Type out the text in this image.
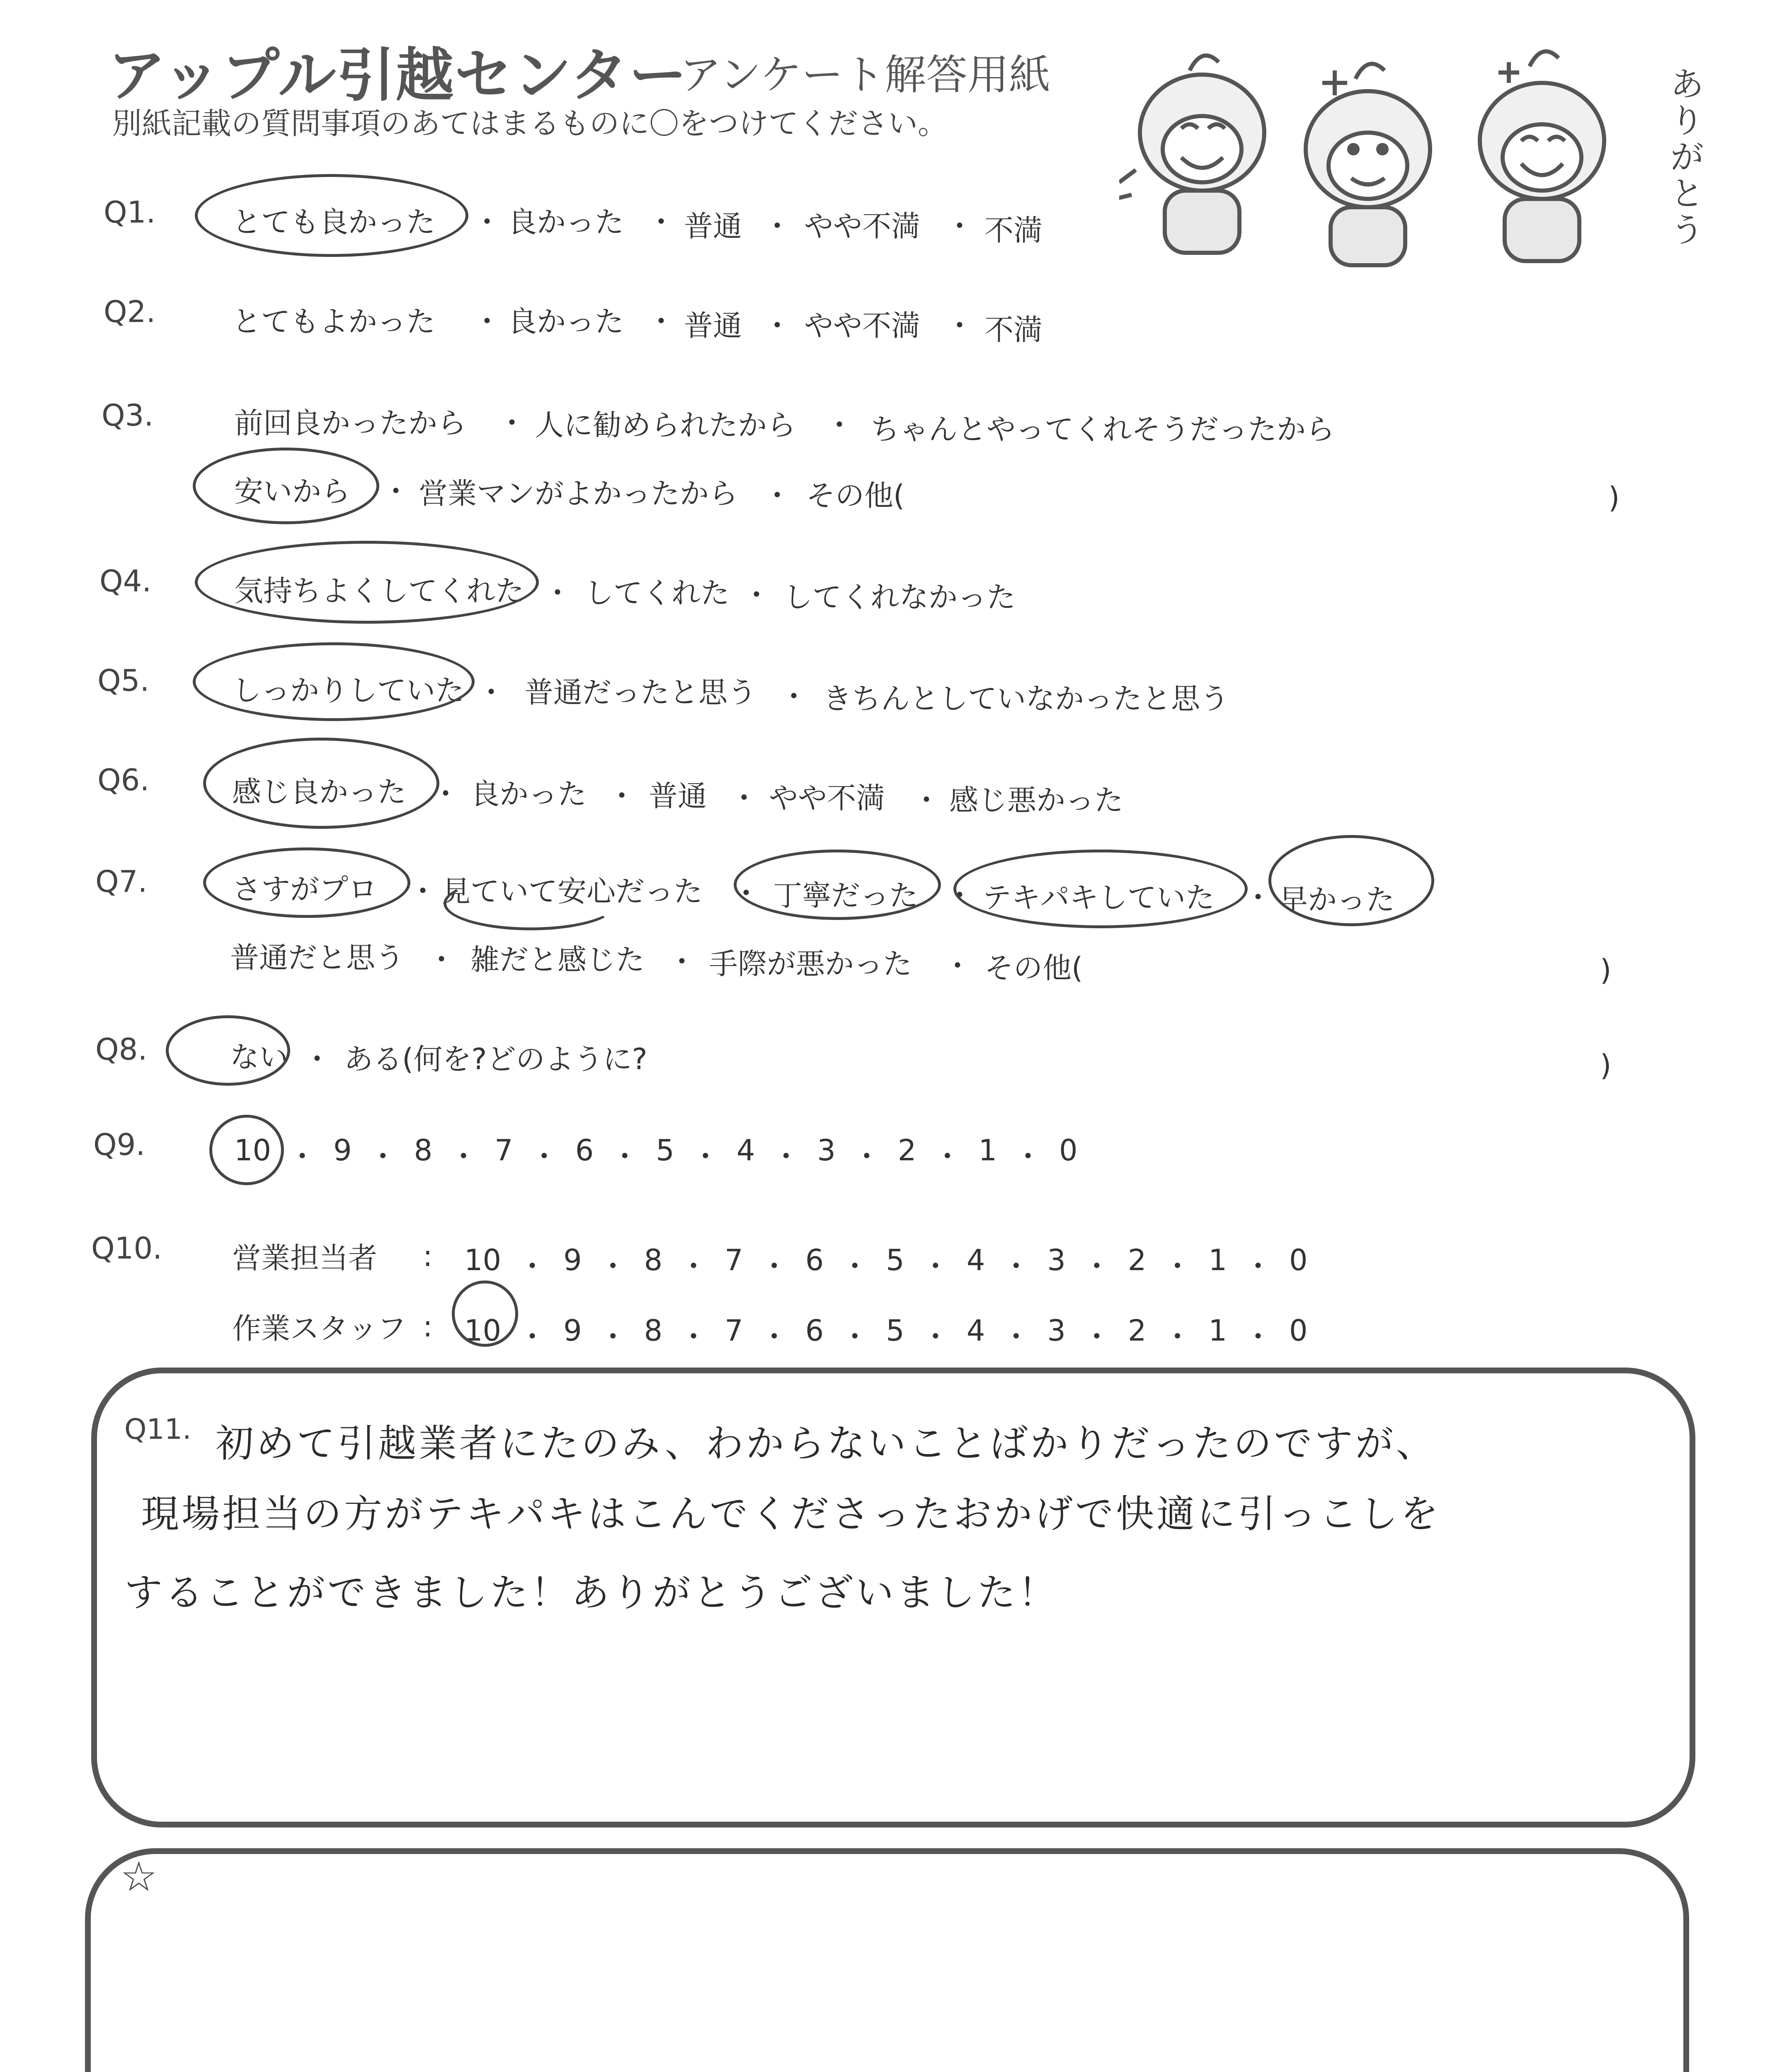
アップル引越センター
アンケート解答用紙
別紙記載の質問事項のあてはまるものに〇をつけてください。
ありがとう
Q1.	とても良かった ・ 良かった ・ 普通 ・ やや不満 ・ 不満
Q2.	とてもよかった ・ 良かった ・ 普通 ・ やや不満 ・ 不満
Q3.	前回良かったから ・ 人に勧められたから ・ ちゃんとやってくれそうだったから
安いから ・ 営業マンがよかったから ・ その他(	)
Q4.	気持ちよくしてくれた ・ してくれた ・ してくれなかった
Q5.	しっかりしていた ・ 普通だったと思う ・ きちんとしていなかったと思う
Q6.	感じ良かった ・ 良かった ・ 普通 ・ やや不満 ・ 感じ悪かった
Q7.	さすがプロ ・ 見ていて安心だった ・ 丁寧だった ・ テキパキしていた ・ 早かった
普通だと思う ・ 雑だと感じた ・ 手際が悪かった ・ その他(	)
Q8.	ない ・ ある(何を?どのように?	)
Q9.	10 ・ 9 ・ 8 ・ 7 ・ 6 ・ 5 ・ 4 ・ 3 ・ 2 ・ 1 ・ 0
Q10. 営業担当者 : 10 ・ 9 ・ 8 ・ 7 ・ 6 ・ 5 ・ 4 ・ 3 ・ 2 ・ 1 ・ 0
作業スタッフ : 10 ・ 9 ・ 8 ・ 7 ・ 6 ・ 5 ・ 4 ・ 3 ・ 2 ・ 1 ・ 0
Q11. 初めて引越業者にたのみ、わからないことばかりだったのですが、
現場担当の方がテキパキはこんでくださったおかげで快適に引っこしを
することができました！ありがとうございました！
☆
